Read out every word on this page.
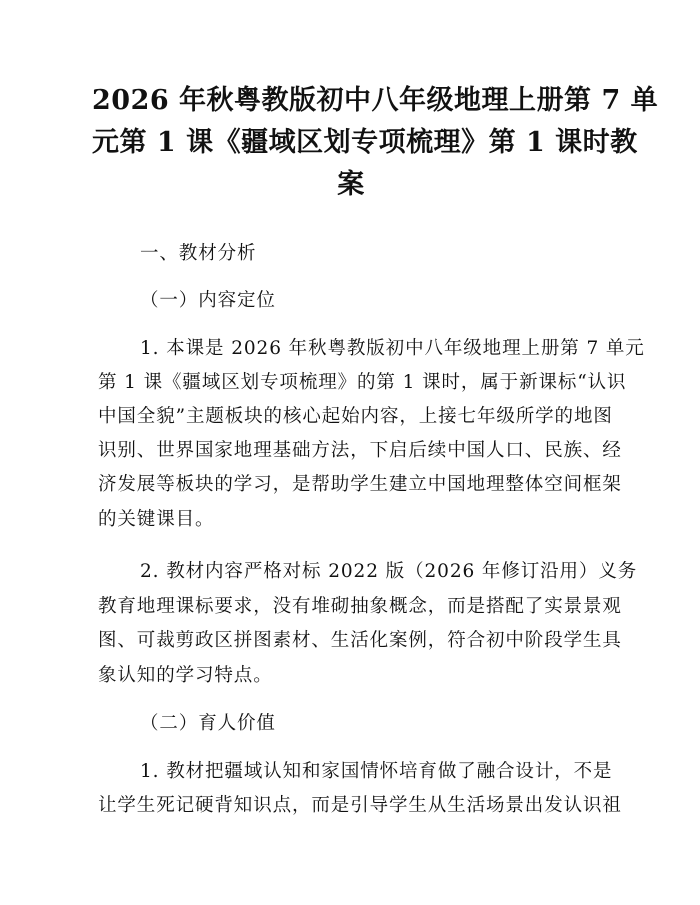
2026 年秋粤教版初中八年级地理上册第 7 单
元第 1 课《疆域区划专项梳理》第 1 课时教
案
一、教材分析
（一）内容定位
1. 本课是 2026 年秋粤教版初中八年级地理上册第 7 单元
第 1 课《疆域区划专项梳理》的第 1 课时，属于新课标“认识
中国全貌”主题板块的核心起始内容，上接七年级所学的地图
识别、世界国家地理基础方法，下启后续中国人口、民族、经
济发展等板块的学习，是帮助学生建立中国地理整体空间框架
的关键课目。
2. 教材内容严格对标 2022 版（2026 年修订沿用）义务
教育地理课标要求，没有堆砌抽象概念，而是搭配了实景景观
图、可裁剪政区拼图素材、生活化案例，符合初中阶段学生具
象认知的学习特点。
（二）育人价值
1. 教材把疆域认知和家国情怀培育做了融合设计，不是
让学生死记硬背知识点，而是引导学生从生活场景出发认识祖
